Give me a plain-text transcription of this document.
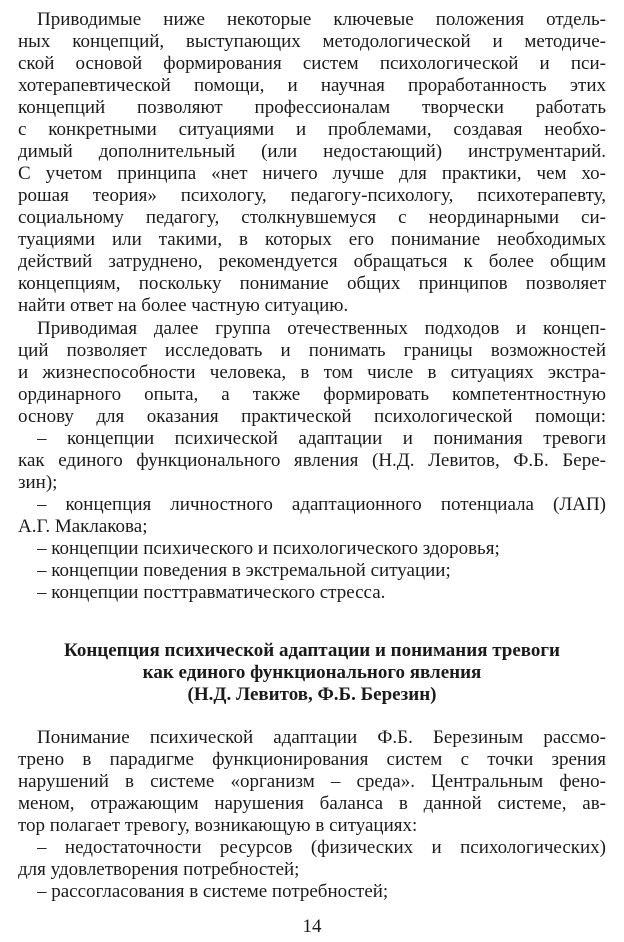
Приводимые ниже некоторые ключевые положения отдель-

ных концепций, выступающих методологической и методиче-

ской основой формирования систем психологической и пси-

хотерапевтической помощи, и научная проработанность этих

концепций позволяют профессионалам творчески работать

с конкретными ситуациями и проблемами, создавая необхо-

димый дополнительный (или недостающий) инструментарий.

С учетом принципа «нет ничего лучше для практики, чем хо-

рошая теория» психологу, педагогу-психологу, психотерапевту,

социальному педагогу, столкнувшемуся с неординарными си-

туациями или такими, в которых его понимание необходимых

действий затруднено, рекомендуется обращаться к более общим

концепциям, поскольку понимание общих принципов позволяет

найти ответ на более частную ситуацию.

Приводимая далее группа отечественных подходов и концеп-

ций позволяет исследовать и понимать границы возможностей

и жизнеспособности человека, в том числе в ситуациях экстра-

ординарного опыта, а также формировать компетентностную

основу для оказания практической психологической помощи:

– концепции психической адаптации и понимания тревоги

как единого функционального явления (Н.Д. Левитов, Ф.Б. Бере-

зин);

– концепция личностного адаптационного потенциала (ЛАП)

А.Г. Маклакова;

– концепции психического и психологического здоровья;

– концепции поведения в экстремальной ситуации;

– концепции посттравматического стресса.

Концепция психической адаптации и понимания тревоги

как единого функционального явления

(Н.Д. Левитов, Ф.Б. Березин)

Понимание психической адаптации Ф.Б. Березиным рассмо-

трено в парадигме функционирования систем с точки зрения

нарушений в системе «организм – среда». Центральным фено-

меном, отражающим нарушения баланса в данной системе, ав-

тор полагает тревогу, возникающую в ситуациях:

– недостаточности ресурсов (физических и психологических)

для удовлетворения потребностей;

– рассогласования в системе потребностей;

14
